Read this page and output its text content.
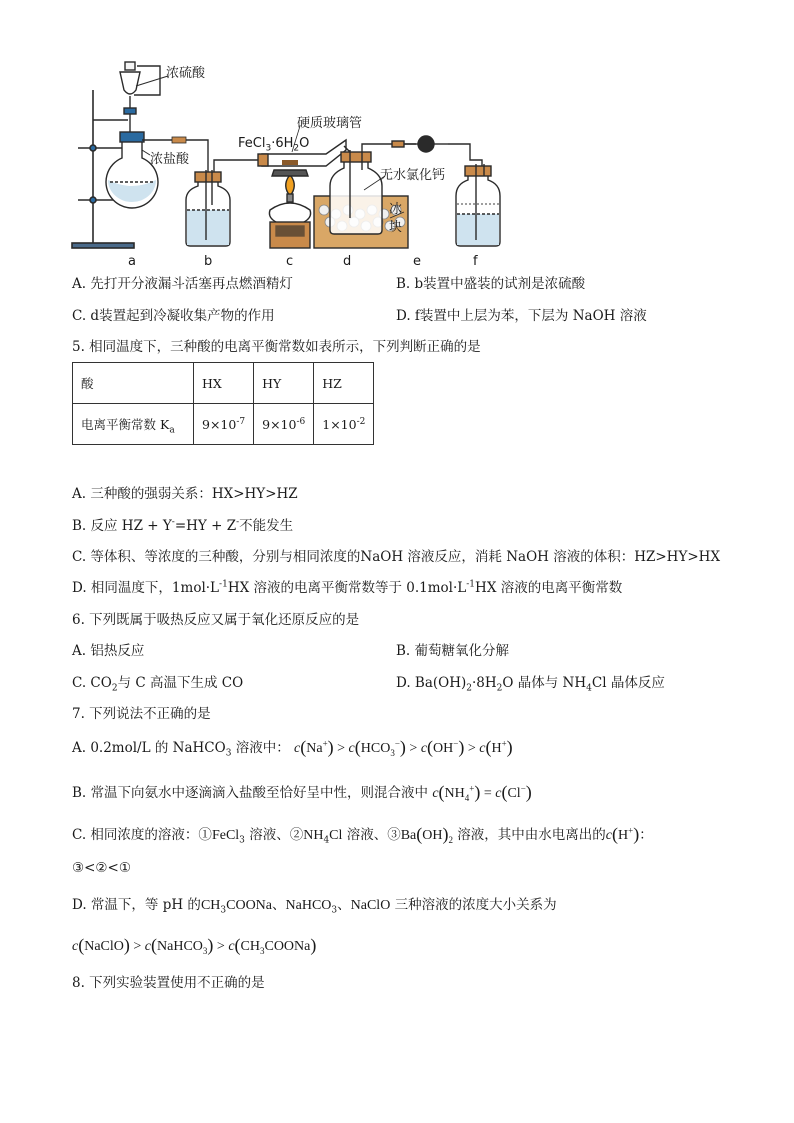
浓硫酸
浓盐酸
硬质玻璃管
$FeCl_3\cdot 6H_2O$
无水氯化钙
冰
块
a	b	c	d	e	f
A. 先打开分液漏斗活塞再点燃酒精灯	B. b装置中盛装的试剂是浓硫酸
C. d装置起到冷凝收集产物的作用	D. f装置中上层为苯，下层为 NaOH 溶液
5. 相同温度下，三种酸的电离平衡常数如表所示，下列判断正确的是
酸	HX	HY	HZ
电离平衡常数 $K_a$	$9\times 10^{-7}$	$9\times 10^{-6}$	$1\times 10^{-2}$
A. 三种酸的强弱关系：HX>HY>HZ
B. 反应 HZ + Y-=HY + Z-不能发生
C. 等体积、等浓度的三种酸，分别与相同浓度的NaOH 溶液反应，消耗 NaOH 溶液的体积：HZ>HY>HX
D. 相同温度下，$1mol\cdot L^{-1}HX$ 溶液的电离平衡常数等于 $0.1mol\cdot L^{-1}HX$ 溶液的电离平衡常数
6. 下列既属于吸热反应又属于氧化还原反应的是
A. 铝热反应	B. 葡萄糖氧化分解
C. $CO_2$与 C 高温下生成 CO	D. $Ba(OH)_2\cdot 8H_2O$ 晶体与 $NH_4Cl$ 晶体反应
7. 下列说法不正确的是
A. 0.2mol/L 的 NaHCO$_3$ 溶液中： $c(Na^+) > c(HCO_3^-) > c(OH^-) > c(H^+)$
B. 常温下向氨水中逐滴滴入盐酸至恰好呈中性，则混合液中 $c(NH_4^+) = c(Cl^-)$
C. 相同浓度的溶液：①FeCl$_3$ 溶液、$②NH_4Cl$ 溶液、$③Ba(OH)_2$ 溶液，其中由水电离出的c(H+)：
③<②<①
D. 常温下，等 pH 的$CH_3COONa$、NaHCO$_3$、NaClO 三种溶液的浓度大小关系为
c(NaClO) > c(NaHCO$_3$) > $c(CH_3COONa)$
8. 下列实验装置使用不正确的是
